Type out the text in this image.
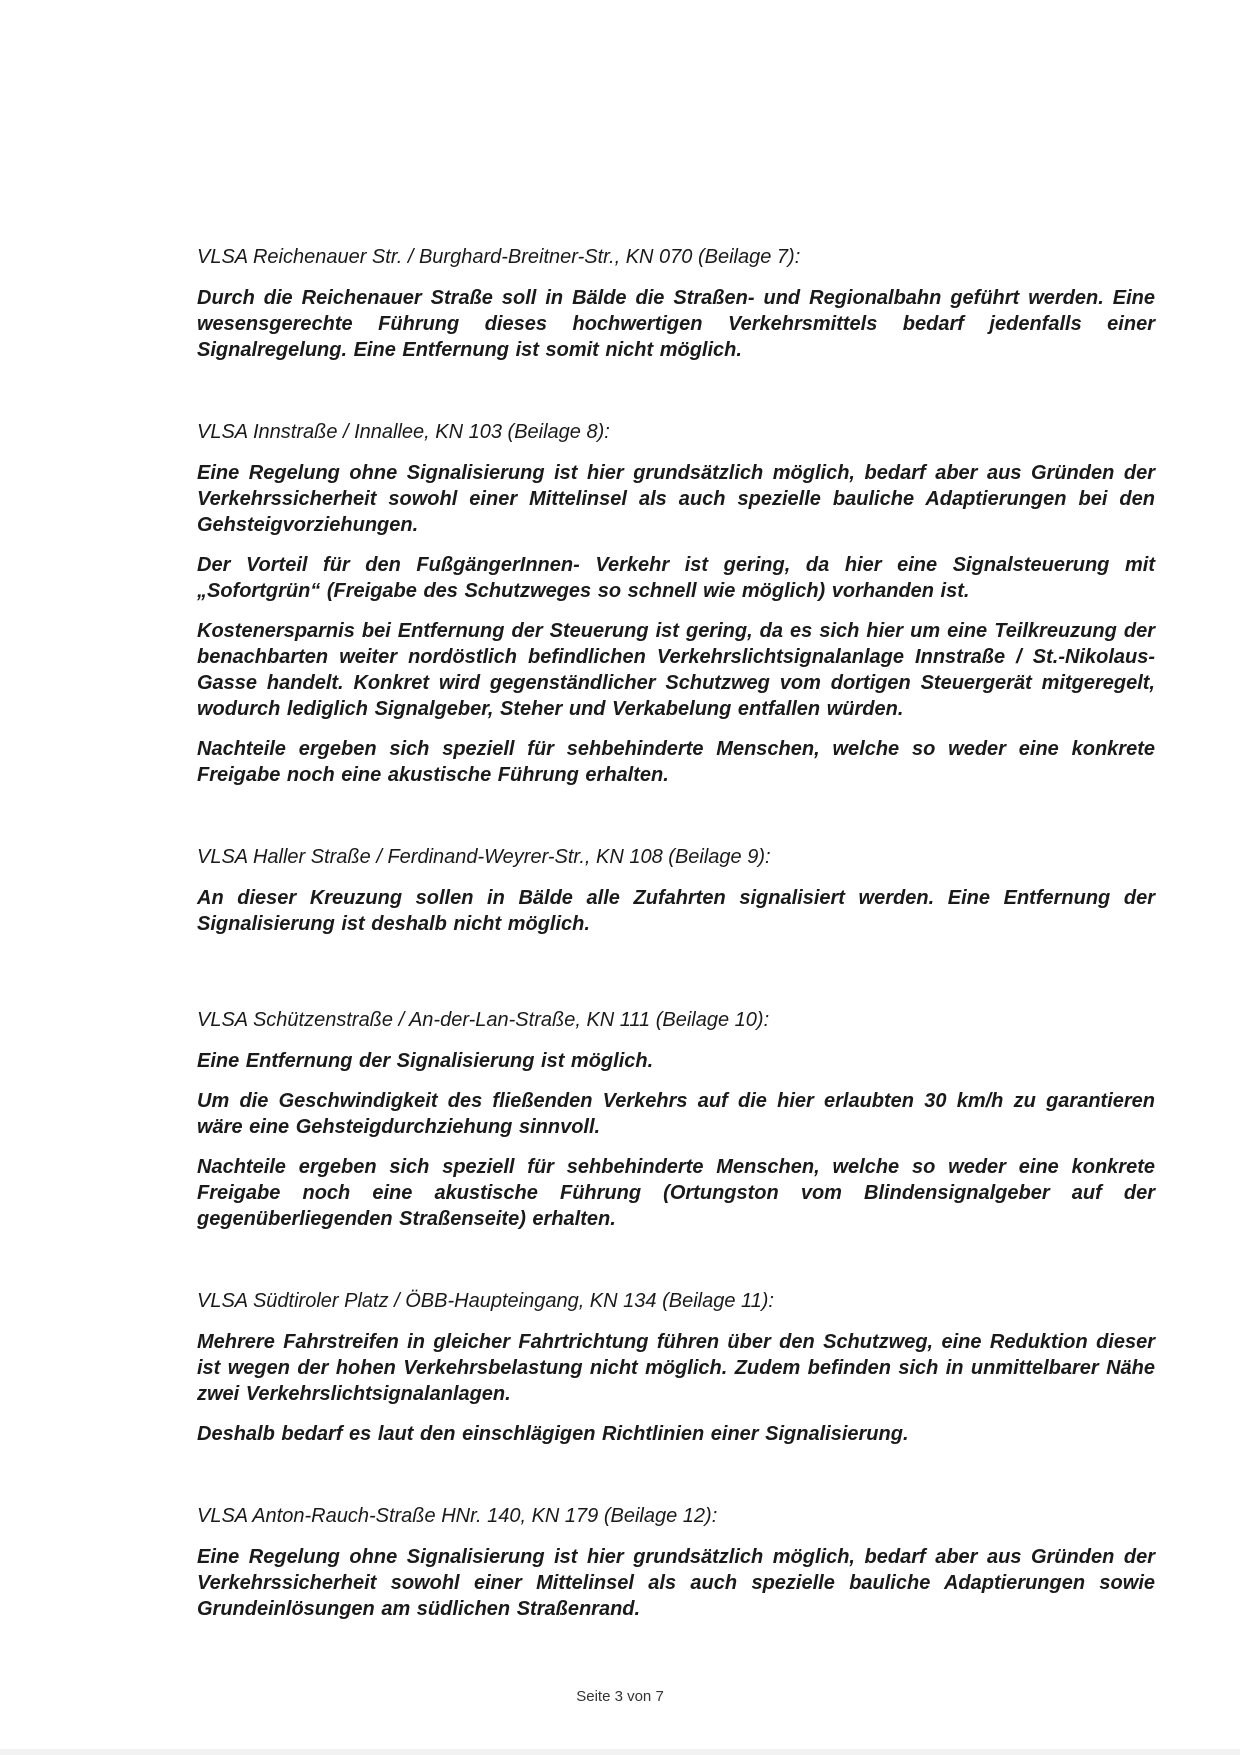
VLSA Reichenauer Str. / Burghard-Breitner-Str., KN 070 (Beilage 7):

Durch die Reichenauer Straße soll in Bälde die Straßen- und Regionalbahn geführt werden. Eine wesensgerechte Führung dieses hochwertigen Verkehrsmittels bedarf jedenfalls einer Signalregelung. Eine Entfernung ist somit nicht möglich.

VLSA Innstraße / Innallee, KN 103 (Beilage 8):

Eine Regelung ohne Signalisierung ist hier grundsätzlich möglich, bedarf aber aus Gründen der Verkehrssicherheit sowohl einer Mittelinsel als auch spezielle bauliche Adaptierungen bei den Gehsteigvorziehungen.

Der Vorteil für den FußgängerInnen- Verkehr ist gering, da hier eine Signalsteuerung mit „Sofortgrün“ (Freigabe des Schutzweges so schnell wie möglich) vorhanden ist.

Kostenersparnis bei Entfernung der Steuerung ist gering, da es sich hier um eine Teilkreuzung der benachbarten weiter nordöstlich befindlichen Verkehrslichtsignalanlage Innstraße / St.-Nikolaus-Gasse handelt. Konkret wird gegenständlicher Schutzweg vom dortigen Steuergerät mitgeregelt, wodurch lediglich Signalgeber, Steher und Verkabelung entfallen würden.

Nachteile ergeben sich speziell für sehbehinderte Menschen, welche so weder eine konkrete Freigabe noch eine akustische Führung erhalten.

VLSA Haller Straße / Ferdinand-Weyrer-Str., KN 108 (Beilage 9):

An dieser Kreuzung sollen in Bälde alle Zufahrten signalisiert werden. Eine Entfernung der Signalisierung ist deshalb nicht möglich.

VLSA Schützenstraße / An-der-Lan-Straße, KN 111 (Beilage 10):

Eine Entfernung der Signalisierung ist möglich.

Um die Geschwindigkeit des fließenden Verkehrs auf die hier erlaubten 30 km/h zu garantieren wäre eine Gehsteigdurchziehung sinnvoll.

Nachteile ergeben sich speziell für sehbehinderte Menschen, welche so weder eine konkrete Freigabe noch eine akustische Führung (Ortungston vom Blindensignalgeber auf der gegenüberliegenden Straßenseite) erhalten.

VLSA Südtiroler Platz / ÖBB-Haupteingang, KN 134 (Beilage 11):

Mehrere Fahrstreifen in gleicher Fahrtrichtung führen über den Schutzweg, eine Reduktion dieser ist wegen der hohen Verkehrsbelastung nicht möglich. Zudem befinden sich in unmittelbarer Nähe zwei Verkehrslichtsignalanlagen.

Deshalb bedarf es laut den einschlägigen Richtlinien einer Signalisierung.

VLSA Anton-Rauch-Straße HNr. 140, KN 179 (Beilage 12):

Eine Regelung ohne Signalisierung ist hier grundsätzlich möglich, bedarf aber aus Gründen der Verkehrssicherheit sowohl einer Mittelinsel als auch spezielle bauliche Adaptierungen sowie Grundeinlösungen am südlichen Straßenrand.

Seite 3 von 7
